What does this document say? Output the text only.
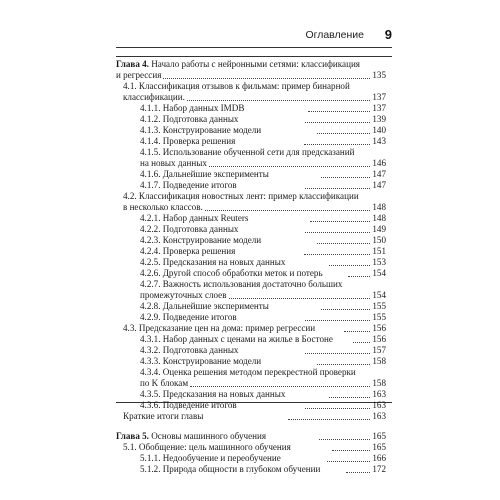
Оглавление 9
Глава 4. Начало работы с нейронными сетями: классификация
и регрессия	135
4.1. Классификация отзывов к фильмам: пример бинарной
классификации.	137
4.1.1. Набор данных IMDB	137
4.1.2. Подготовка данных	139
4.1.3. Конструирование модели	140
4.1.4. Проверка решения	143
4.1.5. Использование обученной сети для предсказаний
на новых данных	146
4.1.6. Дальнейшие эксперименты	147
4.1.7. Подведение итогов	147
4.2. Классификация новостных лент: пример классификации
в несколько классов.	148
4.2.1. Набор данных Reuters	148
4.2.2. Подготовка данных	149
4.2.3. Конструирование модели	150
4.2.4. Проверка решения	151
4.2.5. Предсказания на новых данных	153
4.2.6. Другой способ обработки меток и потерь	154
4.2.7. Важность использования достаточно больших
промежуточных слоев	154
4.2.8. Дальнейшие эксперименты	155
4.2.9. Подведение итогов	155
4.3. Предсказание цен на дома: пример регрессии	156
4.3.1. Набор данных с ценами на жилье в Бостоне	156
4.3.2. Подготовка данных	157
4.3.3. Конструирование модели	158
4.3.4. Оценка решения методом перекрестной проверки
по K блокам	158
4.3.5. Предсказания на новых данных	163
4.3.6. Подведение итогов	163
Краткие итоги главы	163
Глава 5. Основы машинного обучения	165
5.1. Обобщение: цель машинного обучения	165
5.1.1. Недообучение и переобучение	166
5.1.2. Природа общности в глубоком обучении	172
